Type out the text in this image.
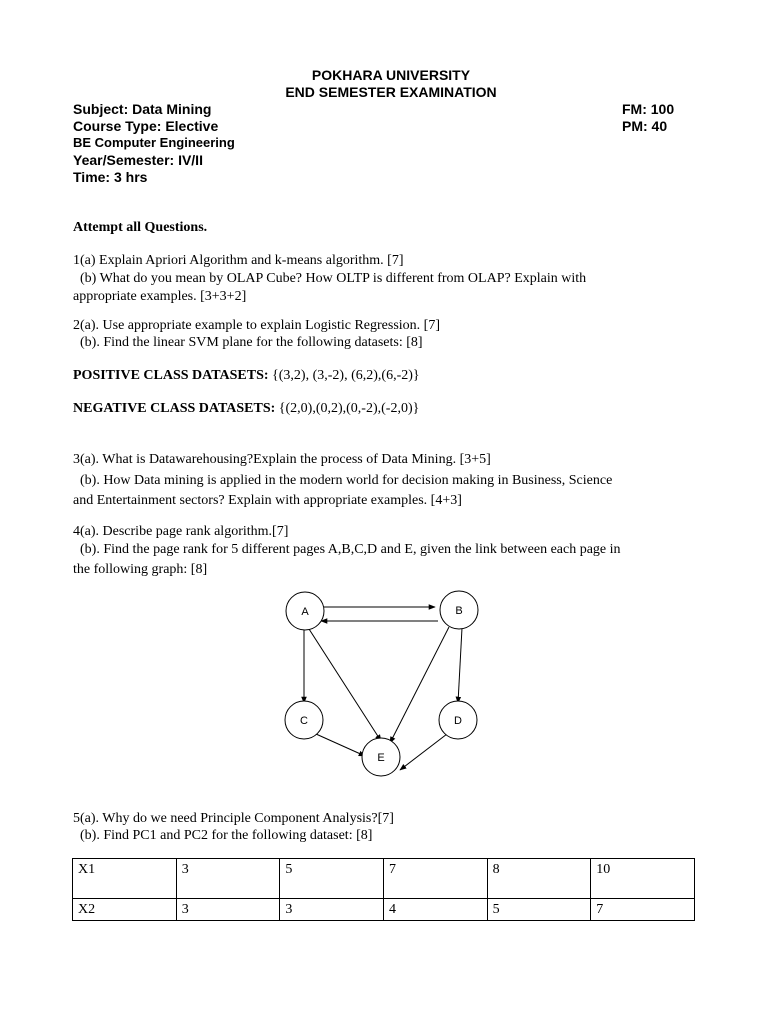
POKHARA UNIVERSITY
END SEMESTER EXAMINATION
Subject: Data Mining	FM: 100
Course Type: Elective	PM: 40
BE Computer Engineering
Year/Semester: IV/II
Time: 3 hrs
Attempt all Questions.
1(a) Explain Apriori Algorithm and k-means algorithm. [7]
(b) What do you mean by OLAP Cube? How OLTP is different from OLAP? Explain with
appropriate examples. [3+3+2]
2(a). Use appropriate example to explain Logistic Regression. [7]
(b). Find the linear SVM plane for the following datasets: [8]
POSITIVE CLASS DATASETS: {(3,2), (3,-2), (6,2),(6,-2)}
NEGATIVE CLASS DATASETS: {(2,0),(0,2),(0,-2),(-2,0)}
3(a). What is Datawarehousing?Explain the process of Data Mining. [3+5]
(b). How Data mining is applied in the modern world for decision making in Business, Science
and Entertainment sectors? Explain with appropriate examples. [4+3]
4(a). Describe page rank algorithm.[7]
(b). Find the page rank for 5 different pages A,B,C,D and E, given the link between each page in
the following graph: [8]
A	B
C	D
E
5(a). Why do we need Principle Component Analysis?[7]
(b). Find PC1 and PC2 for the following dataset: [8]
X1	3	5	7	8	10
X2	3	3	4	5	7
